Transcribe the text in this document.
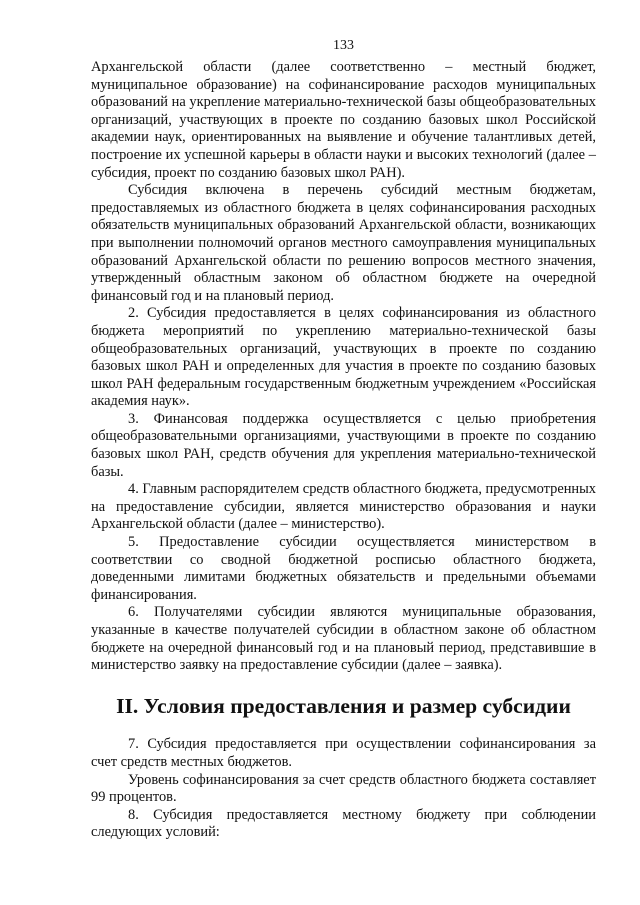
133

Архангельской области (далее соответственно – местный бюджет, муниципальное образование) на софинансирование расходов муниципальных образований на укрепление материально-технической базы общеобразовательных организаций, участвующих в проекте по созданию базовых школ Российской академии наук, ориентированных на выявление и обучение талантливых детей, построение их успешной карьеры в области науки и высоких технологий (далее – субсидия, проект по созданию базовых школ РАН).

Субсидия включена в перечень субсидий местным бюджетам, предоставляемых из областного бюджета в целях софинансирования расходных обязательств муниципальных образований Архангельской области, возникающих при выполнении полномочий органов местного самоуправления муниципальных образований Архангельской области по решению вопросов местного значения, утвержденный областным законом об областном бюджете на очередной финансовый год и на плановый период.

2. Субсидия предоставляется в целях софинансирования из областного бюджета мероприятий по укреплению материально-технической базы общеобразовательных организаций, участвующих в проекте по созданию базовых школ РАН и определенных для участия в проекте по созданию базовых школ РАН федеральным государственным бюджетным учреждением «Российская академия наук».

3. Финансовая поддержка осуществляется с целью приобретения общеобразовательными организациями, участвующими в проекте по созданию базовых школ РАН, средств обучения для укрепления материально-технической базы.

4. Главным распорядителем средств областного бюджета, предусмотренных на предоставление субсидии, является министерство образования и науки Архангельской области (далее – министерство).

5. Предоставление субсидии осуществляется министерством в соответствии со сводной бюджетной росписью областного бюджета, доведенными лимитами бюджетных обязательств и предельными объемами финансирования.

6. Получателями субсидии являются муниципальные образования, указанные в качестве получателей субсидии в областном законе об областном бюджете на очередной финансовый год и на плановый период, представившие в министерство заявку на предоставление субсидии (далее – заявка).

II. Условия предоставления и размер субсидии

7. Субсидия предоставляется при осуществлении софинансирования за счет средств местных бюджетов.

Уровень софинансирования за счет средств областного бюджета составляет 99 процентов.

8. Субсидия предоставляется местному бюджету при соблюдении следующих условий:
